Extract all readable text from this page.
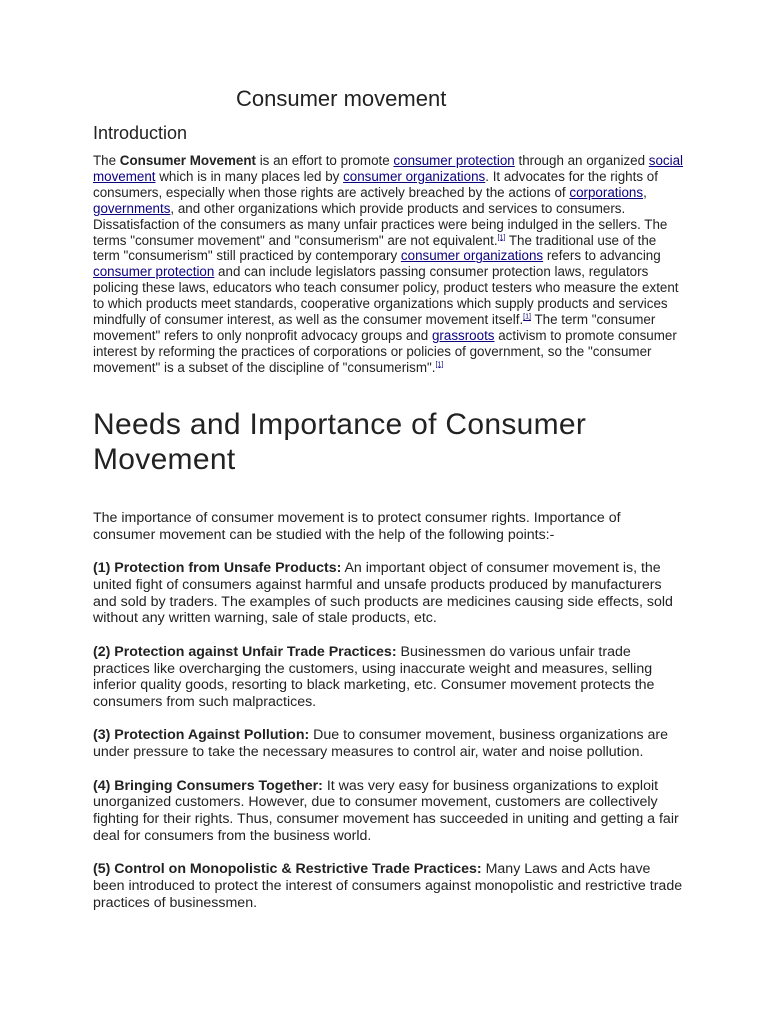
Consumer movement
Introduction

The Consumer Movement is an effort to promote consumer protection through an organized social movement which is in many places led by consumer organizations. It advocates for the rights of consumers, especially when those rights are actively breached by the actions of corporations, governments, and other organizations which provide products and services to consumers. Dissatisfaction of the consumers as many unfair practices were being indulged in the sellers. The terms "consumer movement" and "consumerism" are not equivalent.[1] The traditional use of the term "consumerism" still practiced by contemporary consumer organizations refers to advancing consumer protection and can include legislators passing consumer protection laws, regulators policing these laws, educators who teach consumer policy, product testers who measure the extent to which products meet standards, cooperative organizations which supply products and services mindfully of consumer interest, as well as the consumer movement itself.[1] The term "consumer movement" refers to only nonprofit advocacy groups and grassroots activism to promote consumer interest by reforming the practices of corporations or policies of government, so the "consumer movement" is a subset of the discipline of "consumerism".[1]

Needs and Importance of Consumer Movement

The importance of consumer movement is to protect consumer rights. Importance of consumer movement can be studied with the help of the following points:-

(1) Protection from Unsafe Products: An important object of consumer movement is, the united fight of consumers against harmful and unsafe products produced by manufacturers and sold by traders. The examples of such products are medicines causing side effects, sold without any written warning, sale of stale products, etc.

(2) Protection against Unfair Trade Practices: Businessmen do various unfair trade practices like overcharging the customers, using inaccurate weight and measures, selling inferior quality goods, resorting to black marketing, etc. Consumer movement protects the consumers from such malpractices.

(3) Protection Against Pollution: Due to consumer movement, business organizations are under pressure to take the necessary measures to control air, water and noise pollution.

(4) Bringing Consumers Together: It was very easy for business organizations to exploit unorganized customers. However, due to consumer movement, customers are collectively fighting for their rights. Thus, consumer movement has succeeded in uniting and getting a fair deal for consumers from the business world.

(5) Control on Monopolistic & Restrictive Trade Practices: Many Laws and Acts have been introduced to protect the interest of consumers against monopolistic and restrictive trade practices of businessmen.
